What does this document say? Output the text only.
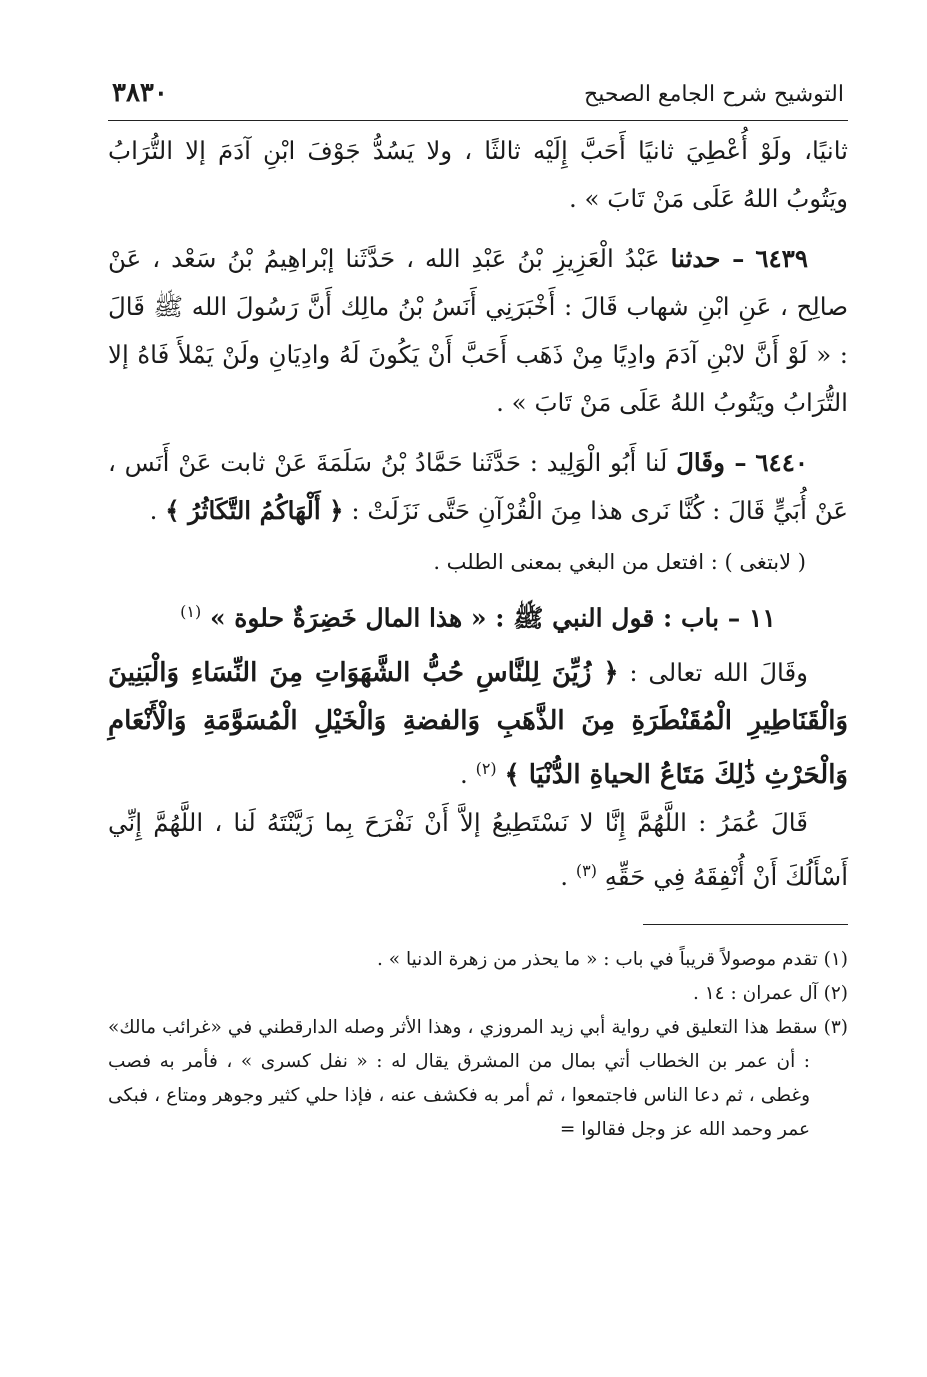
التوشيح شرح الجامع الصحيح
٣٨٣٠

ثانيًا، ولَوْ أُعْطِيَ ثانيًا أَحَبَّ إِلَيْه ثالثًا ، ولا يَسُدُّ جَوْفَ ابْنِ آدَمَ إلا التُّرَابُ ويَتُوبُ اللهُ عَلَى مَنْ تَابَ » .

٦٤٣٩ – حدثنا عَبْدُ الْعَزِيزِ بْنُ عَبْدِ الله ، حَدَّثَنا إبْراهِيمُ بْنُ سَعْد ، عَنْ صالِح ، عَنِ ابْنِ شهاب قَالَ : أَخْبَرَنِي أَنَسُ بْنُ مالِك أَنَّ رَسُولَ الله ﷺ قَالَ : « لَوْ أَنَّ لابْنِ آدَمَ وادِيًا مِنْ ذَهَب أَحَبَّ أَنْ يَكُونَ لَهُ وادِيَانِ ولَنْ يَمْلأَ فَاهُ إلا التُّرَابُ ويَتُوبُ اللهُ عَلَى مَنْ تَابَ » .

٦٤٤٠ – وقَالَ لَنا أَبُو الْوَلِيد : حَدَّثَنا حَمَّادُ بْنُ سَلَمَةَ عَنْ ثابت عَنْ أَنَس ، عَنْ أُبَيٍّ قَالَ : كُنَّا نَرى هذا مِنَ الْقُرْآنِ حَتَّى نَزَلَتْ : ﴿ أَلْهَاكُمُ التَّكَاثُرُ ﴾ .

( لابتغى ) : افتعل من البغي بمعنى الطلب .

١١ – باب : قول النبي ﷺ : « هذا المال خَضِرَةٌ حلوة » $^{(١)}$

وقَالَ الله تعالى : ﴿ زُيِّنَ لِلنَّاسِ حُبُّ الشَّهَوَاتِ مِنَ النِّسَاءِ وَالْبَنِينَ وَالْقَنَاطِيرِ الْمُقَنْطَرَةِ مِنَ الذَّهَبِ وَالفضةِ وَالْخَيْلِ الْمُسَوَّمَةِ وَالْأَنْعَامِ وَالْحَرْثِ ذَٰلِكَ مَتَاعُ الحياةِ الدُّنْيَا ﴾ $^{(٢)}$ .

قَالَ عُمَرُ : اللَّهُمَّ إِنَّا لا نَسْتَطِيعُ إلاَّ أَنْ نَفْرَحَ بِما زَيَّنْتَهُ لَنا ، اللَّهُمَّ إِنِّي أَسْأَلُكَ أَنْ أُنْفِقَهُ فِي حَقِّهِ $^{(٣)}$ .

(١) تقدم موصولاً قريباً في باب : « ما يحذر من زهرة الدنيا » .

(٢) آل عمران : ١٤ .

(٣) سقط هذا التعليق في رواية أبي زيد المروزي ، وهذا الأثر وصله الدارقطني في «غرائب مالك» : أن عمر بن الخطاب أتي بمال من المشرق يقال له : « نفل كسرى » ، فأمر به فصب وغطى ، ثم دعا الناس فاجتمعوا ، ثم أمر به فكشف عنه ، فإذا حلي كثير وجوهر ومتاع ، فبكى عمر وحمد الله عز وجل فقالوا =
